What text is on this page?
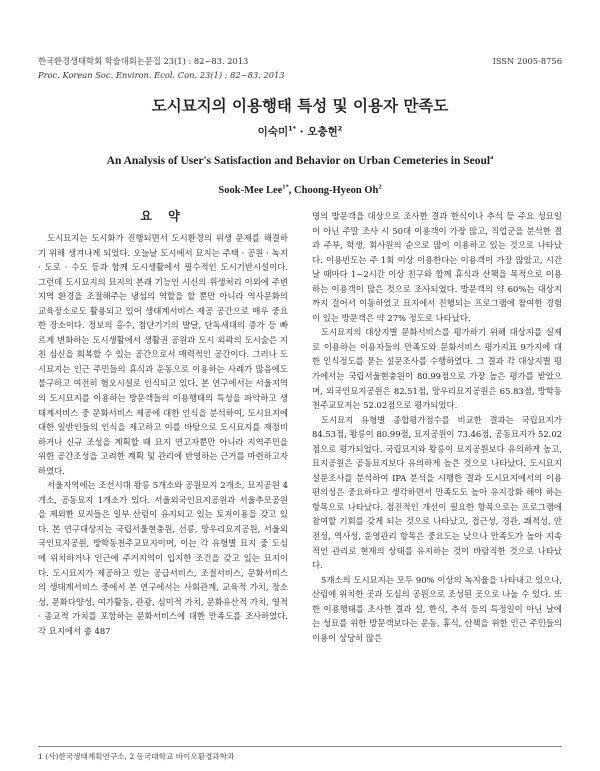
한국환경생태학회 학술대회논문집 23(1) : 82~83. 2013	ISSN 2005-8756
Proc. Korean Soc. Environ. Ecol. Con. 23(1) : 82~83. 2013
도시묘지의 이용행태 특성 및 이용자 만족도
이숙미$^{1*}$ · 오충현$^2$
An Analysis of User's Satisfaction and Behavior on Urban Cemeteries in Seoul$^a$
Sook-Mee Lee$^{1*}$, Choong-Hyeon Oh$^2$
요 약

도시묘지는 도시화가 진행되면서 도시환경의 위생 문제를 해결하기 위해 생겨나게 되었다. 오늘날 도시에서 묘지는 주택 · 공원 · 녹지 · 도로 · 수도 등과 함께 도시생활에서 필수적인 도시기반시설이다. 그런데 도시묘지의 묘지의 본래 기능인 시신의 위생처리 이외에 주변 지역 환경을 조절해주는 냉섬의 역할을 할 뿐만 아니라 역사문화의 교육장소로도 활용되고 있어 생태계서비스 제공 공간으로 매우 중요한 장소이다. 정보의 홍수, 첨단기기의 발달, 단독세대의 증가 등 빠르게 변화하는 도시생활에서 생활권 공원과 도시 외곽의 도시숲은 지친 심신을 회복할 수 있는 공간으로서 매력적인 공간이다. 그러나 도시묘지는 인근 주민들의 휴식과 운동으로 이용하는 사례가 많음에도 불구하고 여전히 혐오시설로 인식되고 있다. 본 연구에서는 서울지역의 도시묘지를 이용하는 방문객들의 이용행태의 특성을 파악하고 생태계서비스 중 문화서비스 제공에 대한 인식을 분석하여, 도시묘지에 대한 일반인들의 인식을 제고하고 이를 바탕으로 도시묘지를 재정비하거나 신규 조성을 계획할 때 묘지 연고자뿐만 아니라 지역주민을 위한 공간조성을 고려한 계획 및 관리에 반영하는 근거를 마련하고자 하였다.

서울지역에는 조선시대 왕릉 5개소와 공원묘지 2개소, 묘지공원 4개소, 공동묘지 1개소가 있다. 서울외국인묘지공원과 서울추모공원을 제외한 묘지들은 일부 산림이 유지되고 있는 토지이용을 갖고 있다. 본 연구대상지는 국립서울현충원, 선릉, 망우리묘지공원, 서울외국인묘지공원, 방학동천주교묘지이며, 이는 각 유형별 묘지 중 도심에 위치하거나 인근에 주거지역이 입지한 조건을 갖고 있는 묘지이다. 도시묘지가 제공하고 있는 공급서비스, 조절서비스, 문화서비스의 생태계서비스 중에서 본 연구에서는 사회관계, 교육적 가치, 장소성, 문화다양성, 여가활동, 관광, 심미적 가치, 문화유산적 가치, 영적 · 종교적 가치를 포함하는 문화서비스에 대한 만족도를 조사하였다. 각 묘지에서 총 487

명의 방문객을 대상으로 조사한 결과 한식이나 추석 등 주요 성묘일이 아닌 주말 조사 시 50대 이용객이 가장 많고, 직업군을 분석한 결과 주부, 학생, 회사원의 순으로 많이 이용하고 있는 것으로 나타났다. 이용빈도는 주 1회 이상 이용한다는 이용객이 가장 많았고, 시간 날 때마다 1~2시간 이상 친구와 함께 휴식과 산책을 목적으로 이용하는 이용객이 많은 것으로 조사되었다. 방문객의 약 60%는 대상지까지 걸어서 이동하였고 묘지에서 진행되는 프로그램에 참여한 경험이 있는 방문객은 약 27% 정도로 나타났다.

도시묘지의 대상지별 문화서비스를 평가하기 위해 대상지를 실제로 이용하는 이용자들의 만족도와 문화서비스 평가지표 9가지에 대한 인식정도를 묻는 설문조사를 수행하였다. 그 결과 각 대상지별 평가에서는 국립서울현충원이 80.99점으로 가장 높은 평가를 받았으며, 외국인묘지공원은 82.51점, 망우리묘지공원은 65.83점, 방학동천주교묘지는 52.02점으로 평가되었다.

도시묘지 유형별 종합평가점수를 비교한 결과는 국립묘지가 84.53점, 왕릉이 80.99점, 묘지공원이 73.46점, 공동묘지가 52.02점으로 평가되었다. 국립묘지와 왕릉이 묘지공원보다 유의하게 높고, 묘지공원은 공동묘지보다 유의하게 높은 것으로 나타났다. 도시묘지 설문조사를 분석하여 IPA 분석을 시행한 결과 도시묘지에서의 이용편의성은 중요하다고 생각하면서 만족도도 높아 유지강화 해야 하는 항목으로 나타났다. 점진적인 개선이 필요한 항목으로는 프로그램에 참여할 기회를 갖게 되는 것으로 나타났고, 접근성, 경관, 쾌적성, 안전성, 역사성, 운영관리 항목은 중요도는 낮으나 만족도가 높아 지속적인 관리로 현재의 상태를 유지하는 것이 바람직한 것으로 나타났다.

5개소의 도시묘지는 모두 90% 이상의 녹지율을 나타내고 있으나, 산림에 위치한 곳과 도심의 공원으로 조성된 곳으로 나눌 수 있다. 또한 이용행태를 조사한 결과 설, 한식, 추석 등의 특정일이 아닌 날에는 성묘를 위한 방문객보다는 운동, 휴식, 산책을 위한 인근 주민들의 이용이 상당히 많은

1 (사)한국생태계획연구소, 2 동국대학교 바이오환경과학과
